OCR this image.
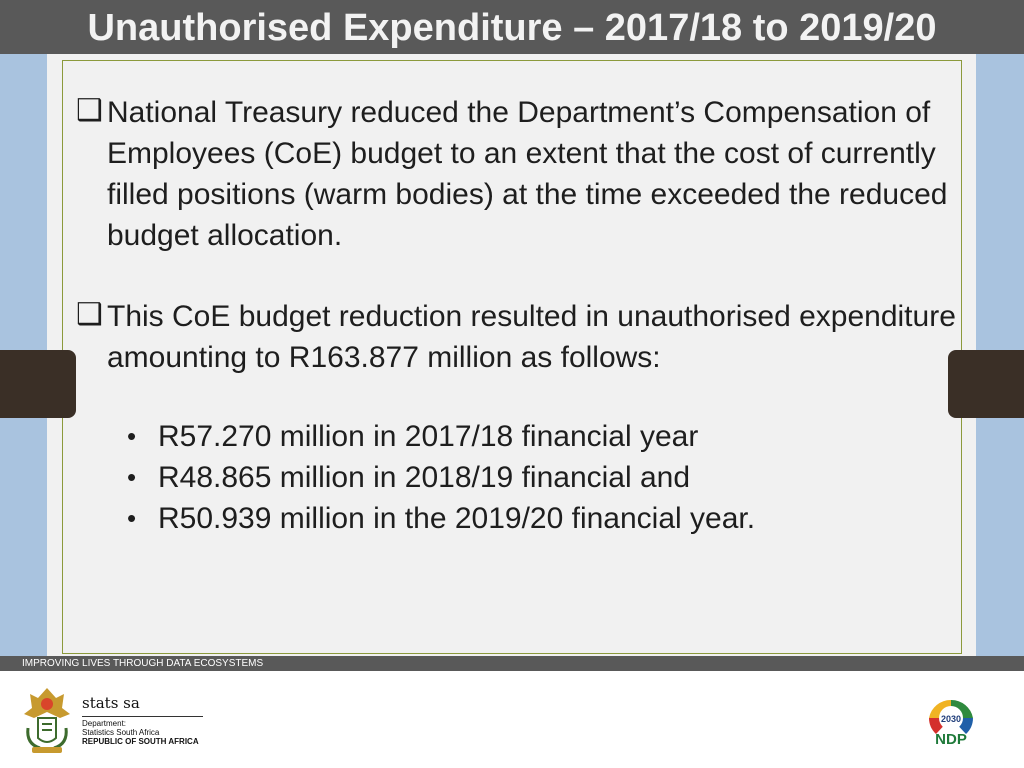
Unauthorised Expenditure – 2017/18 to 2019/20
❑ National Treasury reduced the Department’s Compensation of Employees (CoE) budget to an extent that the cost of currently filled positions (warm bodies) at the time exceeded the reduced budget allocation.
❑ This CoE budget reduction resulted in unauthorised expenditure amounting to R163.877 million as follows:
• R57.270 million in 2017/18 financial year
• R48.865 million in 2018/19 financial and
• R50.939 million in the 2019/20 financial year.
IMPROVING LIVES THROUGH DATA ECOSYSTEMS
stats sa
Department:
Statistics South Africa
REPUBLIC OF SOUTH AFRICA
2030
NDP
